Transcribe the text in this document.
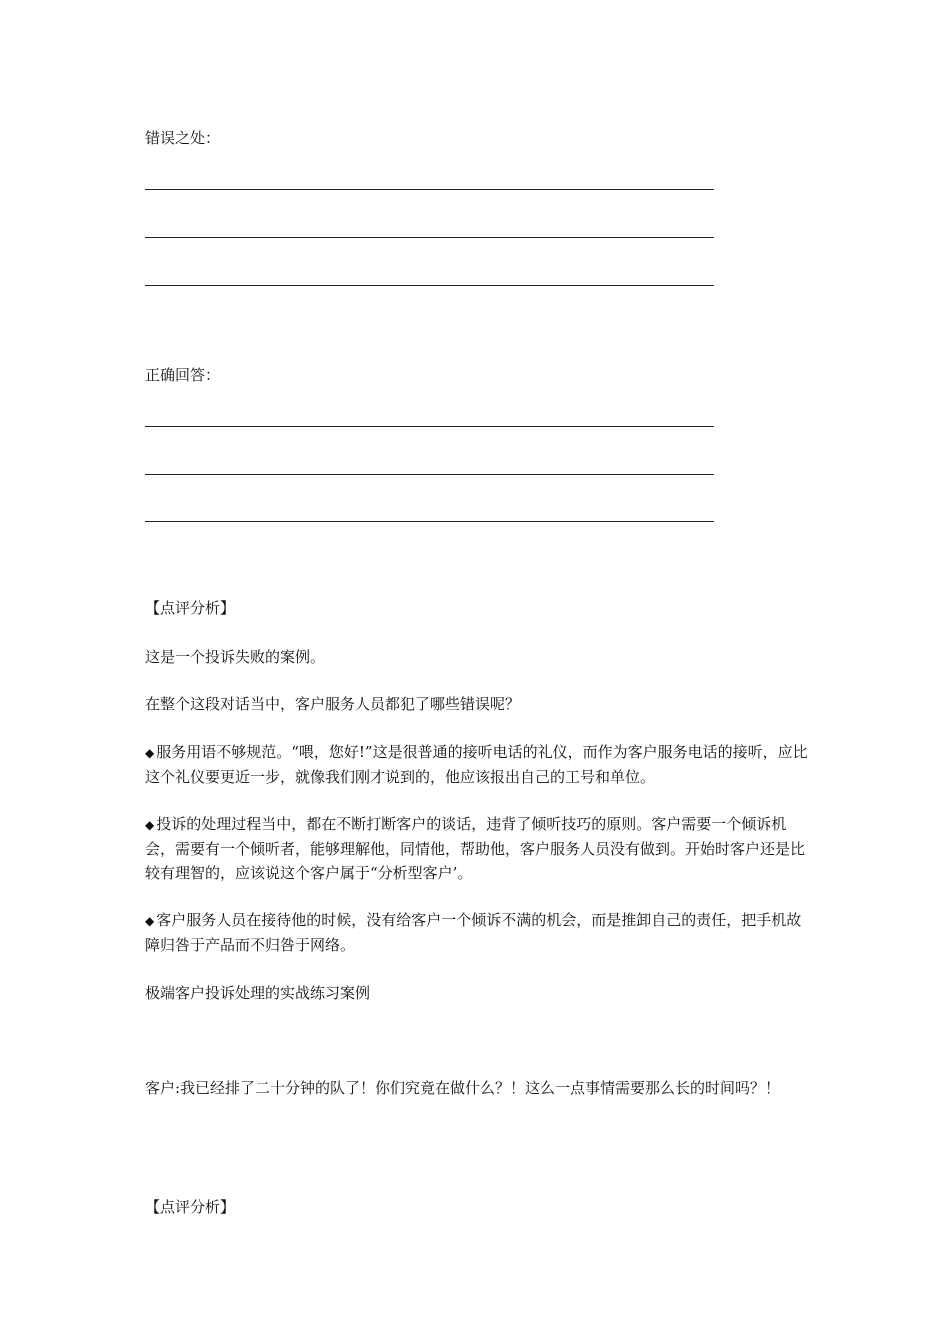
错误之处：
正确回答：
【点评分析】
这是一个投诉失败的案例。
在整个这段对话当中，客户服务人员都犯了哪些错误呢？
◆ 服务用语不够规范。“喂，您好!”这是很普通的接听电话的礼仪，而作为客户服务电话的接听，应比这个礼仪要更近一步，就像我们刚才说到的，他应该报出自己的工号和单位。
◆ 投诉的处理过程当中，都在不断打断客户的谈话，违背了倾听技巧的原则。客户需要一个倾诉机会，需要有一个倾听者，能够理解他，同情他，帮助他，客户服务人员没有做到。开始时客户还是比较有理智的，应该说这个客户属于“分析型客户’。
◆ 客户服务人员在接待他的时候，没有给客户一个倾诉不满的机会，而是推卸自己的责任，把手机故障归咎于产品而不归咎于网络。
极端客户投诉处理的实战练习案例
客户:我已经排了二十分钟的队了！你们究竟在做什么？！这么一点事情需要那么长的时间吗？！
【点评分析】
